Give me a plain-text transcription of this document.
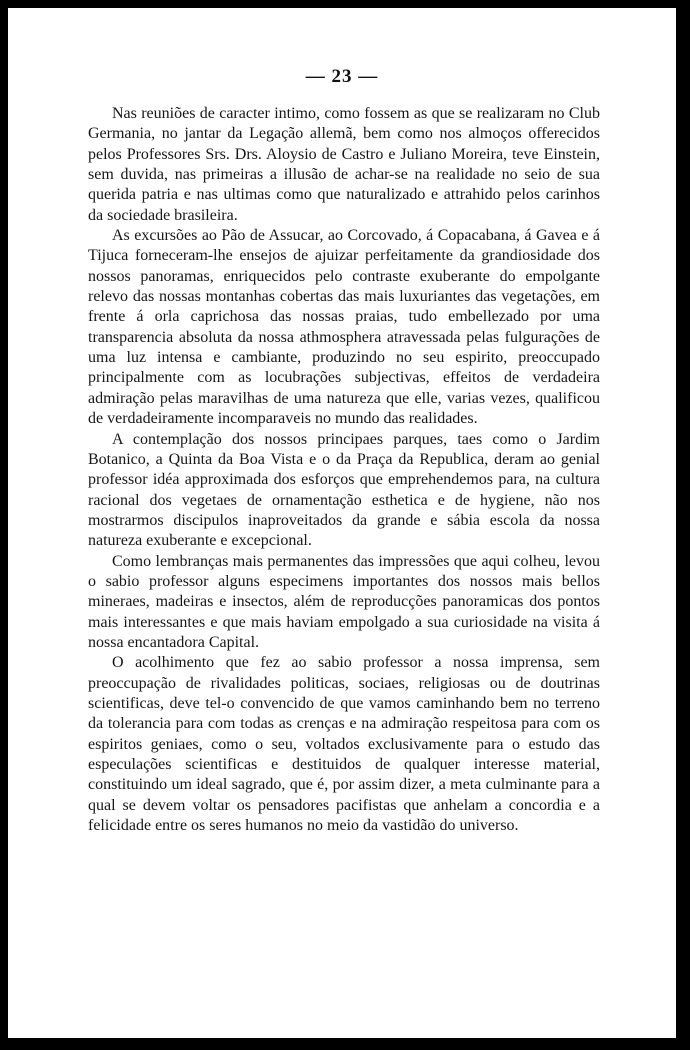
— 23 —

Nas reuniões de caracter intimo, como fossem as que se realizaram no Club Germania, no jantar da Legação allemã, bem como nos almoços offerecidos pelos Professores Srs. Drs. Aloysio de Castro e Juliano Moreira, teve Einstein, sem duvida, nas primeiras a illusão de achar-se na realidade no seio de sua querida patria e nas ultimas como que naturalizado e attrahido pelos carinhos da sociedade brasileira.

As excursões ao Pão de Assucar, ao Corcovado, á Copacabana, á Gavea e á Tijuca forneceram-lhe ensejos de ajuizar perfeitamente da grandiosidade dos nossos panoramas, enriquecidos pelo contraste exuberante do empolgante relevo das nossas montanhas cobertas das mais luxuriantes das vegetações, em frente á orla caprichosa das nossas praias, tudo embellezado por uma transparencia absoluta da nossa athmosphera atravessada pelas fulgurações de uma luz intensa e cambiante, produzindo no seu espirito, preoccupado principalmente com as locubrações subjectivas, effeitos de verdadeira admiração pelas maravilhas de uma natureza que elle, varias vezes, qualificou de verdadeiramente incomparaveis no mundo das realidades.

A contemplação dos nossos principaes parques, taes como o Jardim Botanico, a Quinta da Boa Vista e o da Praça da Republica, deram ao genial professor idéa approximada dos esforços que emprehendemos para, na cultura racional dos vegetaes de ornamentação esthetica e de hygiene, não nos mostrarmos discipulos inaproveitados da grande e sábia escola da nossa natureza exuberante e excepcional.

Como lembranças mais permanentes das impressões que aqui colheu, levou o sabio professor alguns especimens importantes dos nossos mais bellos mineraes, madeiras e insectos, além de reproducções panoramicas dos pontos mais interessantes e que mais haviam empolgado a sua curiosidade na visita á nossa encantadora Capital.

O acolhimento que fez ao sabio professor a nossa imprensa, sem preoccupação de rivalidades politicas, sociaes, religiosas ou de doutrinas scientificas, deve tel-o convencido de que vamos caminhando bem no terreno da tolerancia para com todas as crenças e na admiração respeitosa para com os espiritos geniaes, como o seu, voltados exclusivamente para o estudo das especulações scientificas e destituidos de qualquer interesse material, constituindo um ideal sagrado, que é, por assim dizer, a meta culminante para a qual se devem voltar os pensadores pacifistas que anhelam a concordia e a felicidade entre os seres humanos no meio da vastidão do universo.
